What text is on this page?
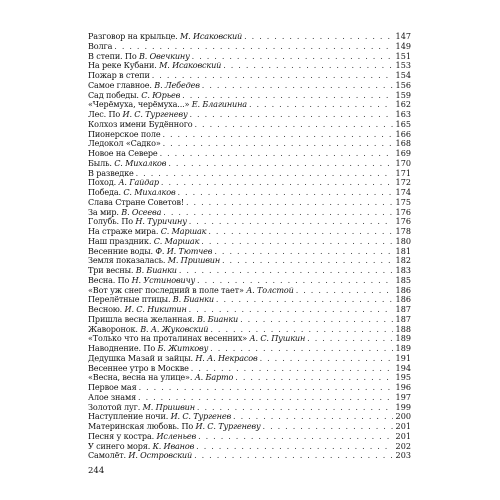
Разговор на крыльце. М. Исаковский . . .	147
Волга . . .	149
В степи. По В. Овечкину . . .	151
На реке Кубани. М. Исаковский . . .	153
Пожар в степи . . .	154
Самое главное. В. Лебедев . . .	156
Сад победы. С. Юрьев . . .	159
«Черёмуха, черёмуха...» Е. Благинина . . .	162
Лес. По И. С. Тургеневу . . .	163
Колхоз имени Будённого . . .	165
Пионерское поле . . .	166
Ледокол «Садко» . . .	168
Новое на Севере . . .	169
Быль. С. Михалков . . .	170
В разведке . . .	171
Поход. А. Гайдар . . .	172
Победа. С. Михалков . . .	174
Слава Стране Советов! . . .	175
За мир. В. Осеева . . .	176
Голубь. По Н. Туричину . . .	176
На страже мира. С. Маршак . . .	178
Наш праздник. С. Маршак . . .	180
Весенние воды. Ф. И. Тютчев . . .	181
Земля показалась. М. Пришвин . . .	182
Три весны. В. Бианки . . .	183
Весна. По Н. Устиновичу . . .	185
«Вот уж снег последний в поле тает» А. Толстой . . .	186
Перелётные птицы. В. Бианки . . .	186
Весною. И. С. Никитин . . .	187
Пришла весна желанная. В. Бианки . . .	187
Жаворонок. В. А. Жуковский . . .	188
«Только что на проталинах весенних» А. С. Пушкин . . .	189
Наводнение. По Б. Житкову . . .	189
Дедушка Мазай и зайцы. Н. А. Некрасов . . .	191
Весеннее утро в Москве . . .	194
«Весна, весна на улице». А. Барто . . .	195
Первое мая . . .	196
Алое знамя . . .	197
Золотой луг. М. Пришвин . . .	199
Наступление ночи. И. С. Тургенев . . .	200
Материнская любовь. По И. С. Тургеневу . . .	201
Песня у костра. Исленьев . . .	201
У синего моря. К. Иванов . . .	202
Самолёт. И. Островский . . .	203
244
